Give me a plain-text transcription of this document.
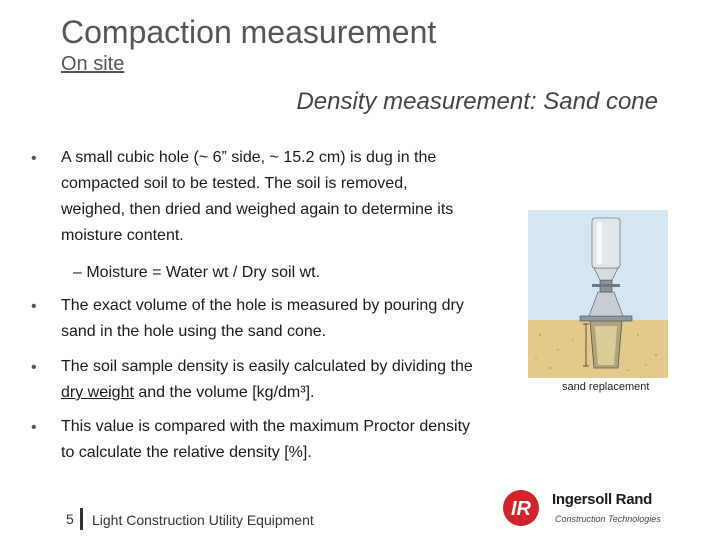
Compaction measurement
On site
Density measurement: Sand cone
• A small cubic hole (~ 6” side, ~ 15.2 cm) is dug in the
compacted soil to be tested. The soil is removed,
weighed, then dried and weighed again to determine its
moisture content.
– Moisture = Water wt / Dry soil wt.
• The exact volume of the hole is measured by pouring dry
sand in the hole using the sand cone.
• The soil sample density is easily calculated by dividing the
dry weight and the volume [kg/dm³].
• This value is compared with the maximum Proctor density
to calculate the relative density [%].
sand replacement
5 Light Construction Utility Equipment	IR Ingersoll Rand
Construction Technologies
